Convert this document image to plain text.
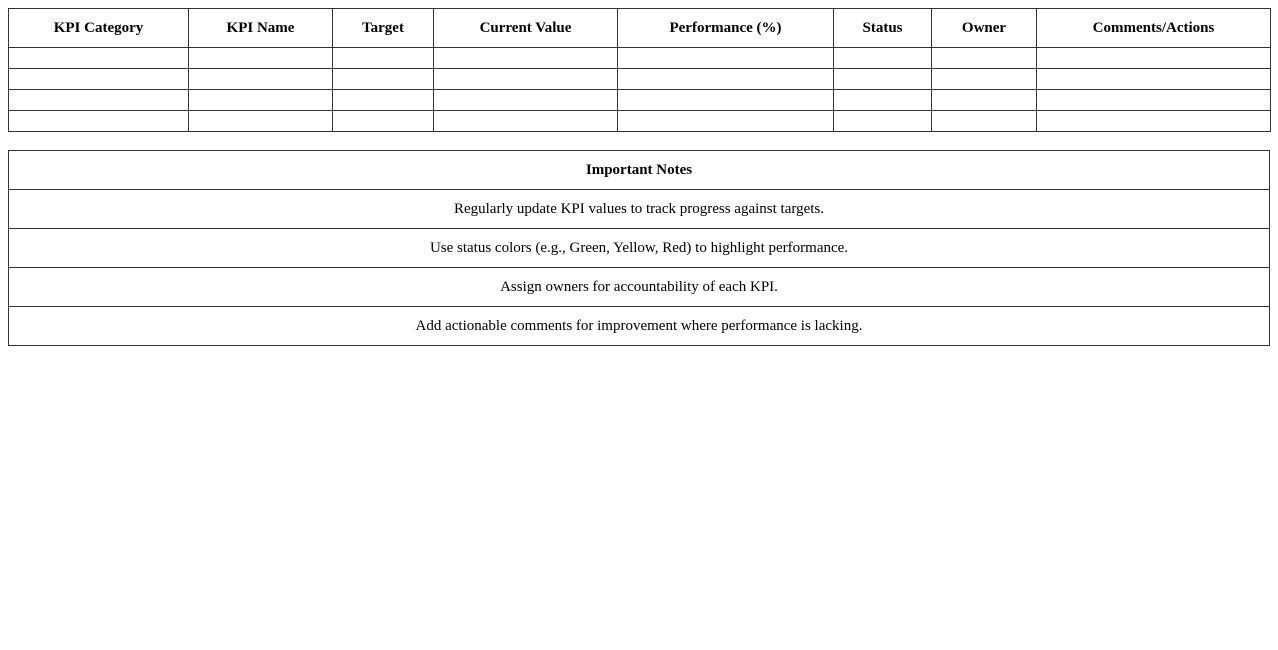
KPI Category	KPI Name	Target	Current Value	Performance (%)	Status	Owner	Comments/Actions

Important Notes
Regularly update KPI values to track progress against targets.
Use status colors (e.g., Green, Yellow, Red) to highlight performance.
Assign owners for accountability of each KPI.
Add actionable comments for improvement where performance is lacking.
